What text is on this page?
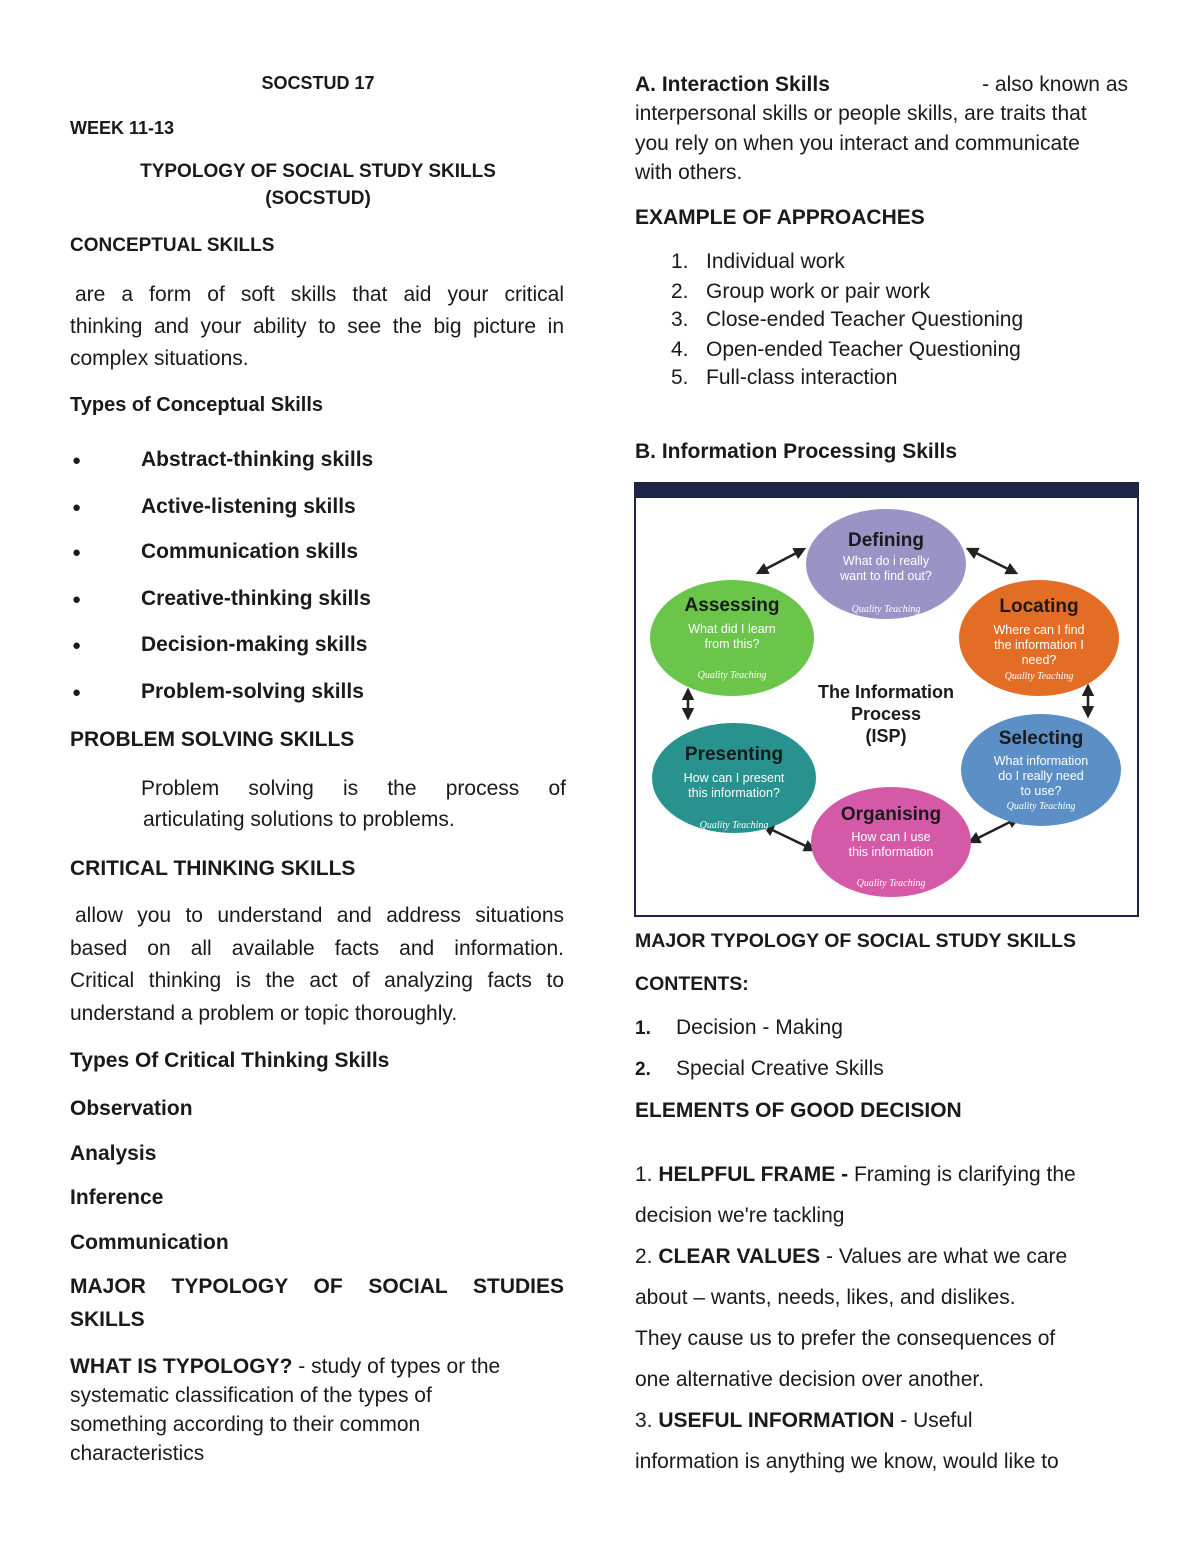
SOCSTUD 17
WEEK 11-13
TYPOLOGY OF SOCIAL STUDY SKILLS
(SOCSTUD)
CONCEPTUAL SKILLS
are a form of soft skills that aid your critical
thinking and your ability to see the big picture in
complex situations.
Types of Conceptual Skills
●	Abstract-thinking skills
●	Active-listening skills
●	Communication skills
●	Creative-thinking skills
●	Decision-making skills
●	Problem-solving skills
PROBLEM SOLVING SKILLS
Problem solving is the process of
articulating solutions to problems.
CRITICAL THINKING SKILLS
allow you to understand and address situations
based on all available facts and information.
Critical thinking is the act of analyzing facts to
understand a problem or topic thoroughly.
Types Of Critical Thinking Skills
Observation
Analysis
Inference
Communication
MAJOR TYPOLOGY OF SOCIAL STUDIES
SKILLS
WHAT IS TYPOLOGY? - study of types or the
systematic classification of the types of
something according to their common
characteristics
A. Interaction Skills	- also known as
interpersonal skills or people skills, are traits that
you rely on when you interact and communicate
with others.
EXAMPLE OF APPROACHES
1. Individual work
2. Group work or pair work
3. Close-ended Teacher Questioning
4. Open-ended Teacher Questioning
5. Full-class interaction
B. Information Processing Skills
Defining
What do i really
want to find out?
Quality Teaching	Locating
Where can I find
the information I
need?
Quality Teaching
Selecting
What information
do I really need
to use?
Quality Teaching
Organising
How can I use
this information
Quality Teaching
Presenting
How can I present
this information?
Quality Teaching
Assessing
What did I learn
from this?
Quality Teaching
The Information
Process
(ISP)
MAJOR TYPOLOGY OF SOCIAL STUDY SKILLS
CONTENTS:
1. Decision - Making
2. Special Creative Skills
ELEMENTS OF GOOD DECISION
1. HELPFUL FRAME - Framing is clarifying the
decision we're tackling
2. CLEAR VALUES - Values are what we care
about – wants, needs, likes, and dislikes.
They cause us to prefer the consequences of
one alternative decision over another.
3. USEFUL INFORMATION - Useful
information is anything we know, would like to
